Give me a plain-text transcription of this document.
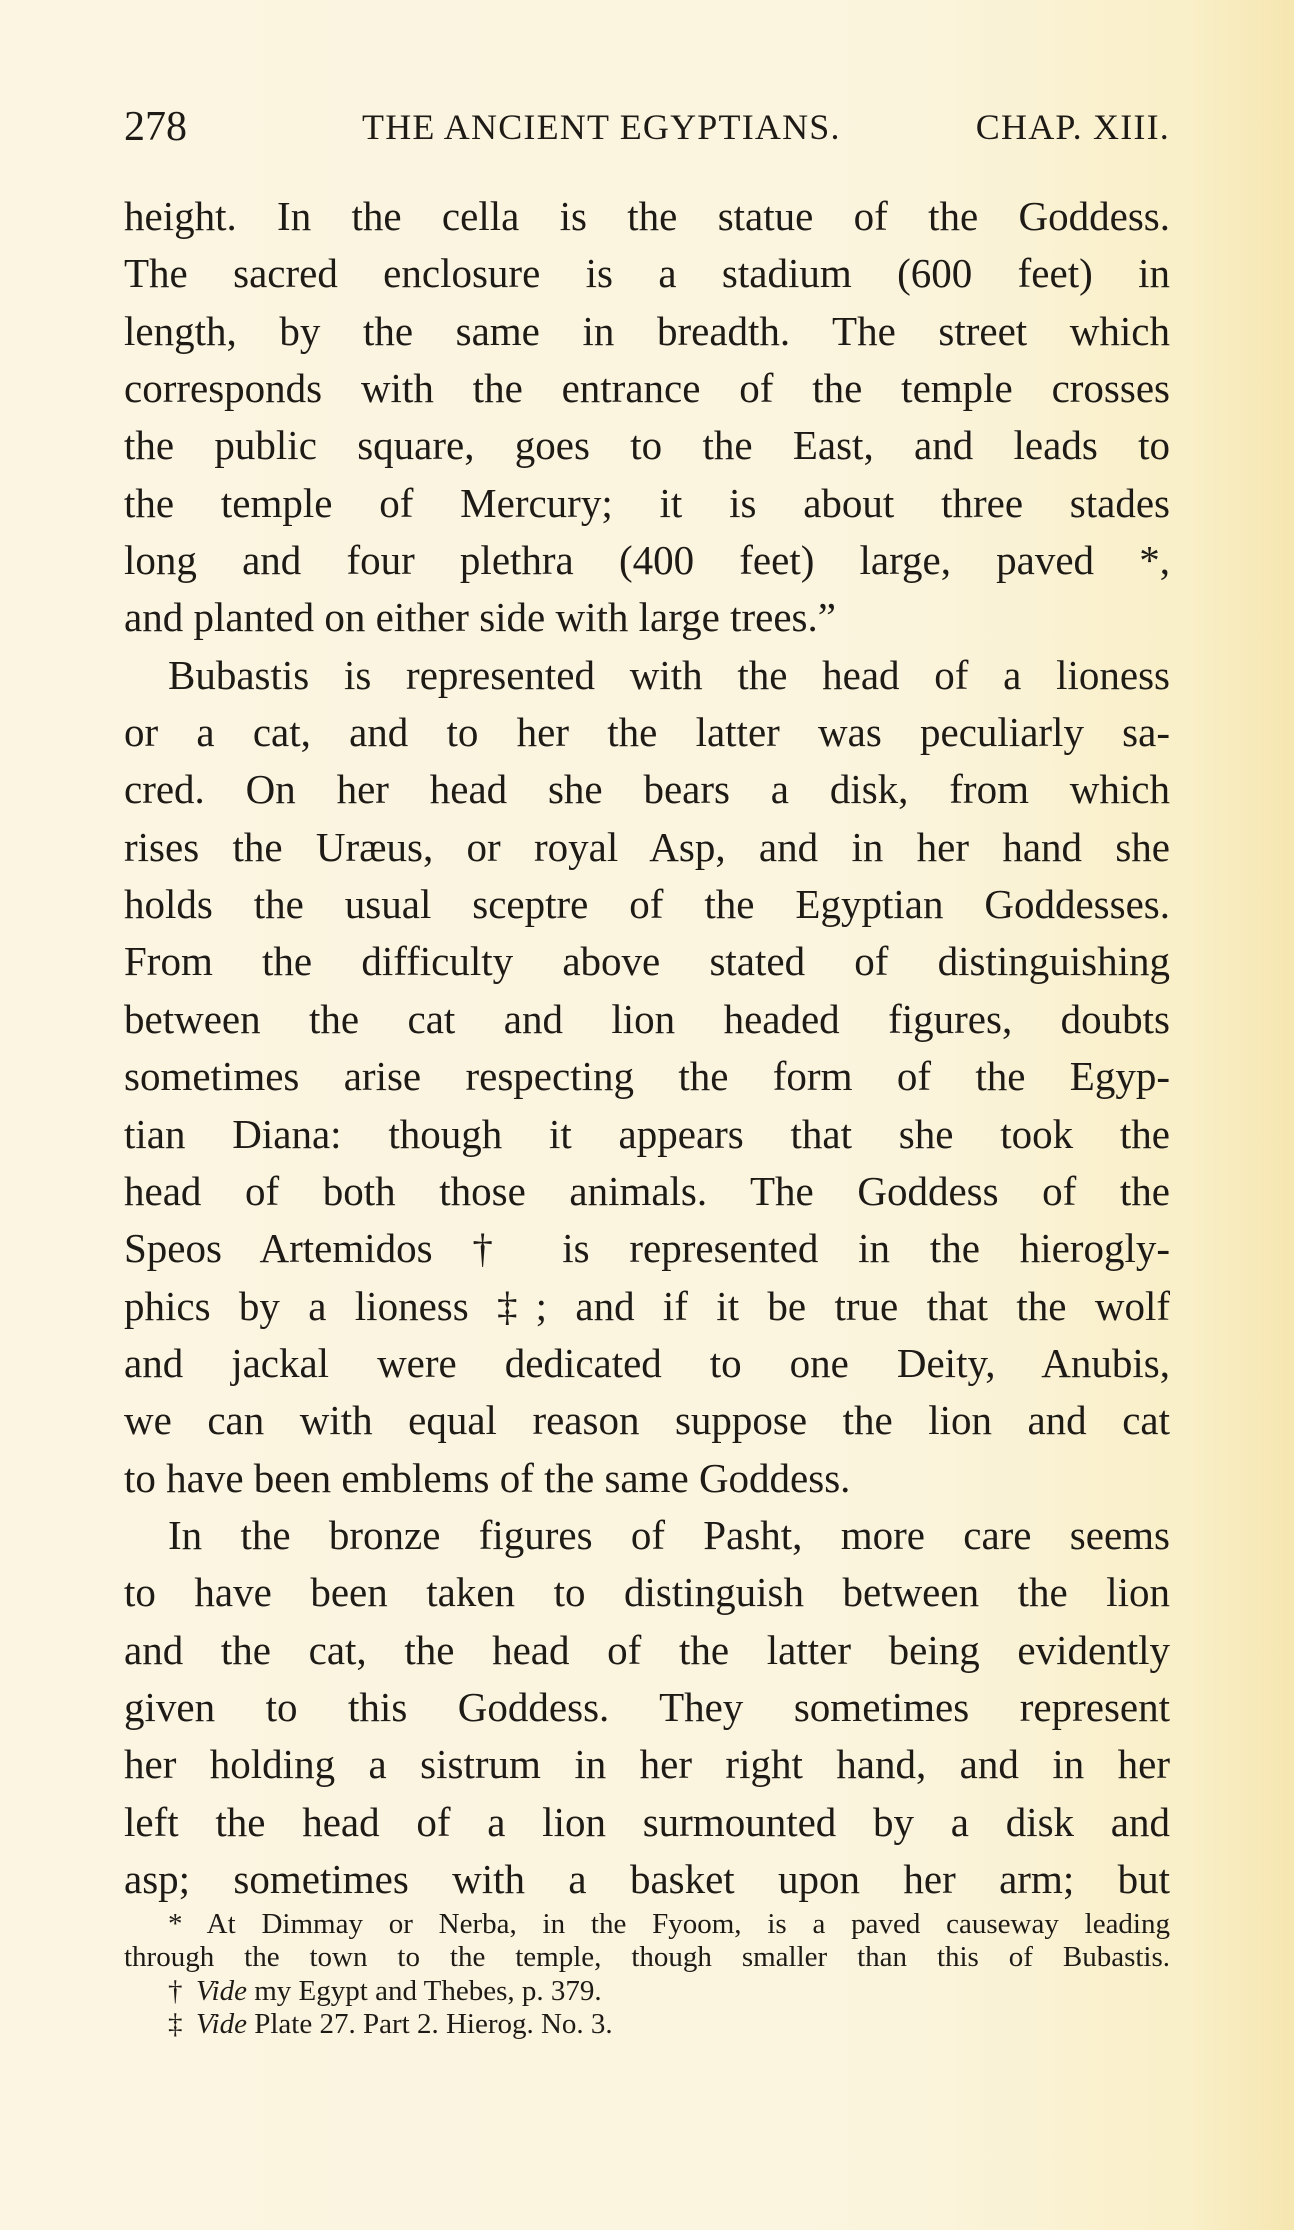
278	THE ANCIENT EGYPTIANS.	CHAP. XIII.
height. In the cella is the statue of the Goddess.
The sacred enclosure is a stadium (600 feet) in
length, by the same in breadth. The street which
corresponds with the entrance of the temple crosses
the public square, goes to the East, and leads to
the temple of Mercury; it is about three stades
long and four plethra (400 feet) large, paved *,
and planted on either side with large trees.”
Bubastis is represented with the head of a lioness
or a cat, and to her the latter was peculiarly sa-
cred. On her head she bears a disk, from which
rises the Uræus, or royal Asp, and in her hand she
holds the usual sceptre of the Egyptian Goddesses.
From the difficulty above stated of distinguishing
between the cat and lion headed figures, doubts
sometimes arise respecting the form of the Egyp-
tian Diana: though it appears that she took the
head of both those animals. The Goddess of the
Speos Artemidos † is represented in the hierogly-
phics by a lioness ‡; and if it be true that the wolf
and jackal were dedicated to one Deity, Anubis,
we can with equal reason suppose the lion and cat
to have been emblems of the same Goddess.
In the bronze figures of Pasht, more care seems
to have been taken to distinguish between the lion
and the cat, the head of the latter being evidently
given to this Goddess. They sometimes represent
her holding a sistrum in her right hand, and in her
left the head of a lion surmounted by a disk and
asp; sometimes with a basket upon her arm; but
* At Dimmay or Nerba, in the Fyoom, is a paved causeway leading
through the town to the temple, though smaller than this of Bubastis.
† Vide my Egypt and Thebes, p. 379.
‡ Vide Plate 27. Part 2. Hierog. No. 3.
